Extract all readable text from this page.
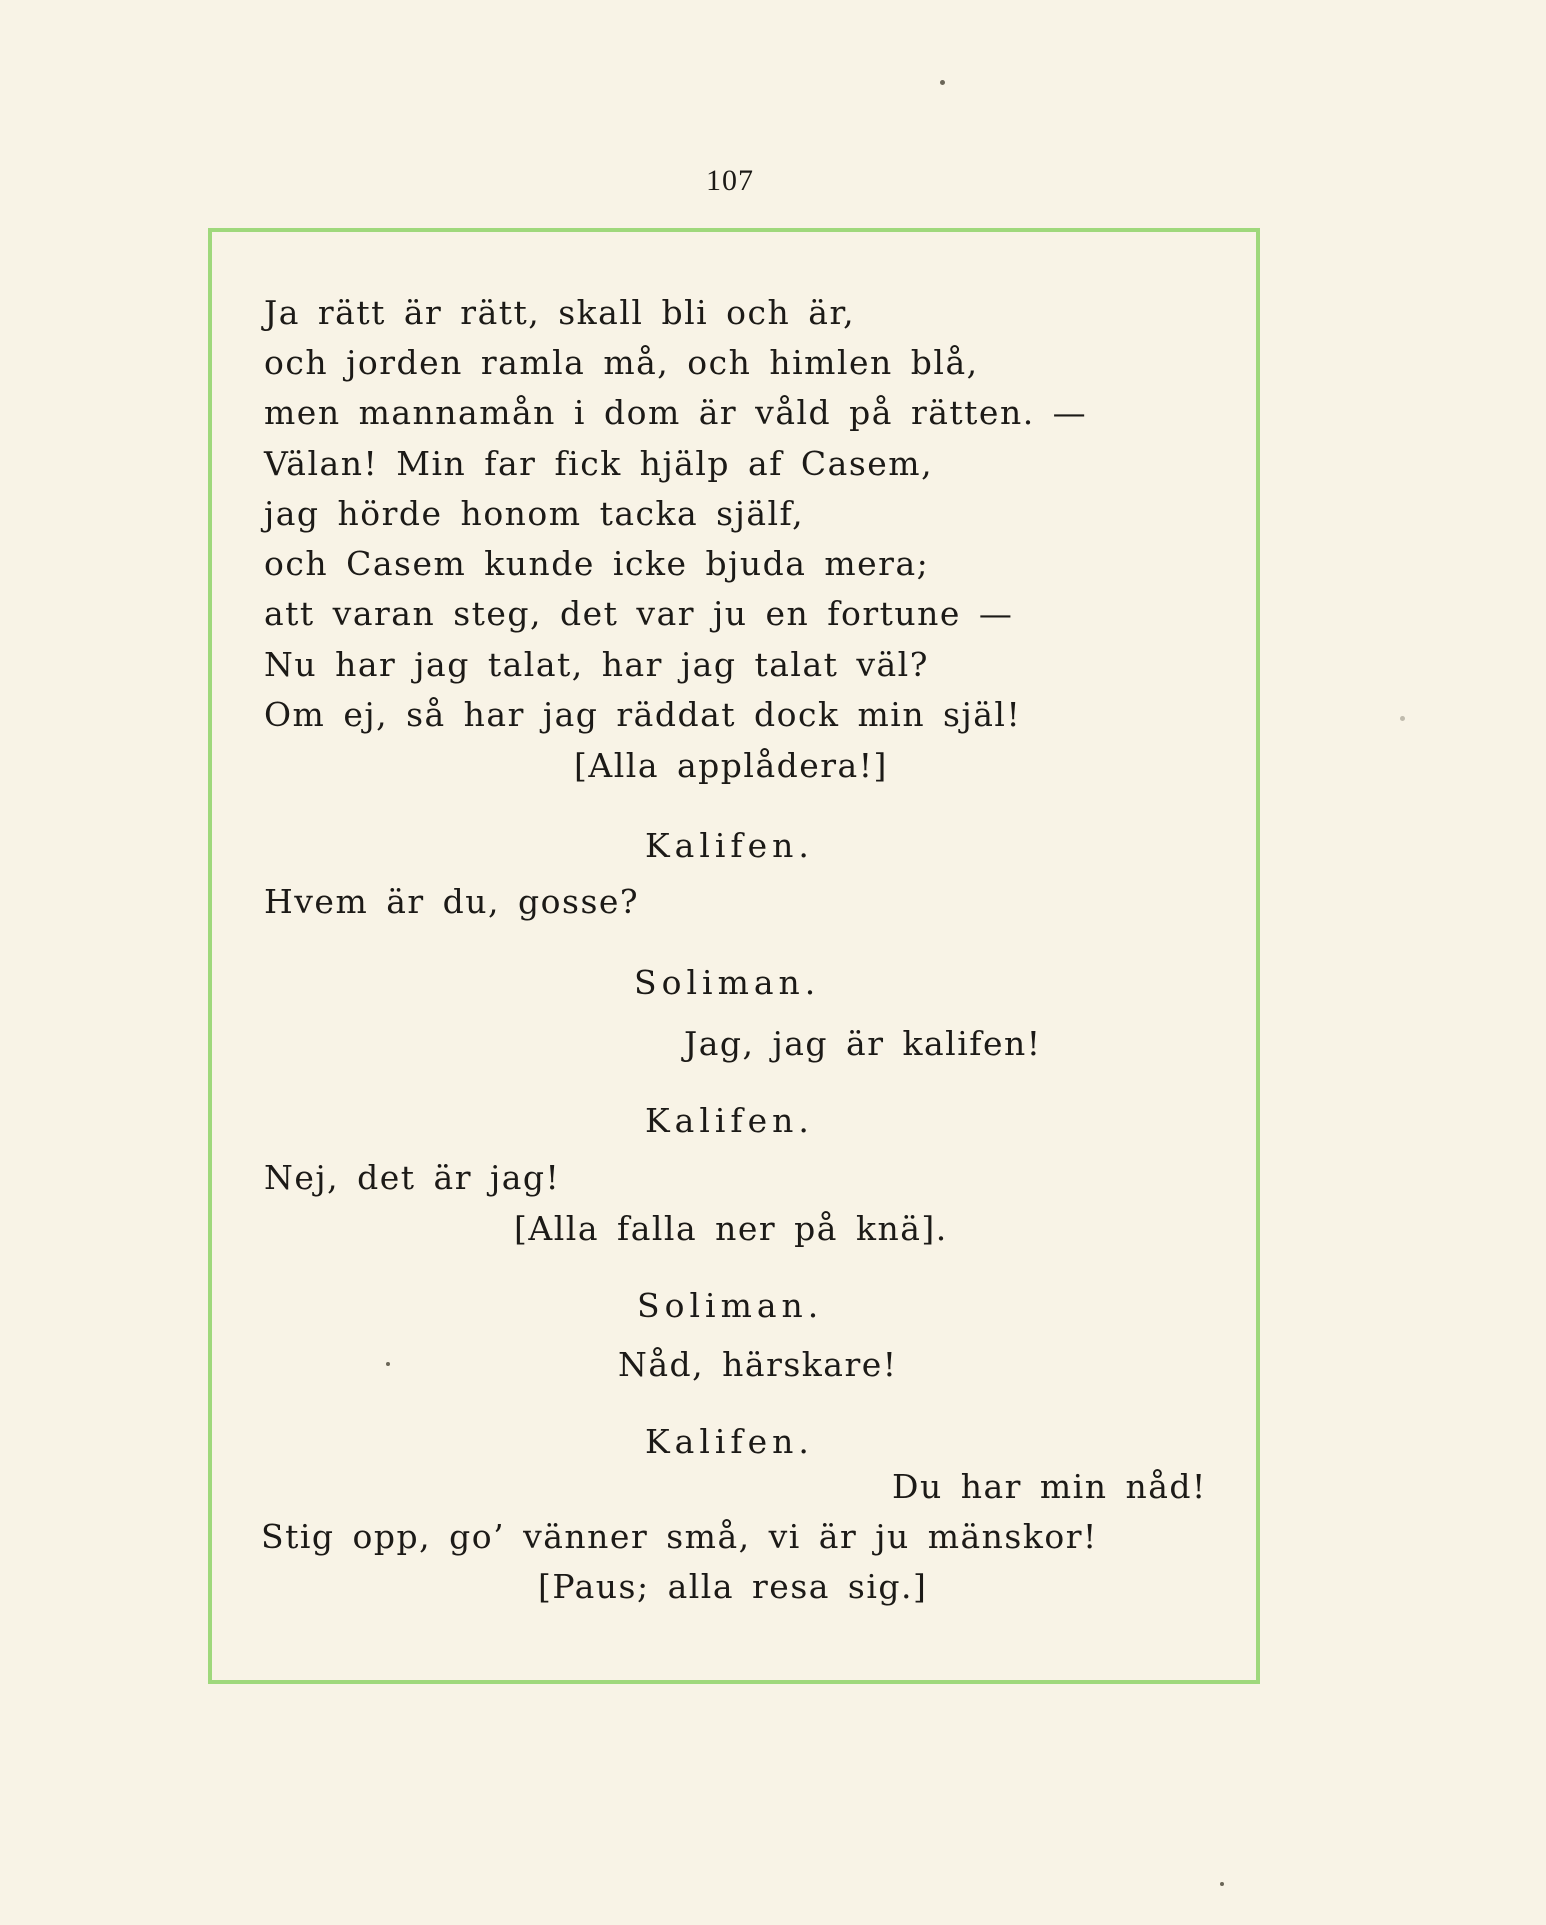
107
Ja rätt är rätt, skall bli och är,
och jorden ramla må, och himlen blå,
men mannamån i dom är våld på rätten. —
Välan! Min far fick hjälp af Casem,
jag hörde honom tacka själf,
och Casem kunde icke bjuda mera;
att varan steg, det var ju en fortune —
Nu har jag talat, har jag talat väl?
Om ej, så har jag räddat dock min själ!
[Alla applådera!]
Kalifen.
Hvem är du, gosse?
Soliman.
Jag, jag är kalifen!
Kalifen.
Nej, det är jag!
[Alla falla ner på knä].
Soliman.
Nåd, härskare!
Kalifen.
Du har min nåd!
Stig opp, go’ vänner små, vi är ju mänskor!
[Paus; alla resa sig.]
